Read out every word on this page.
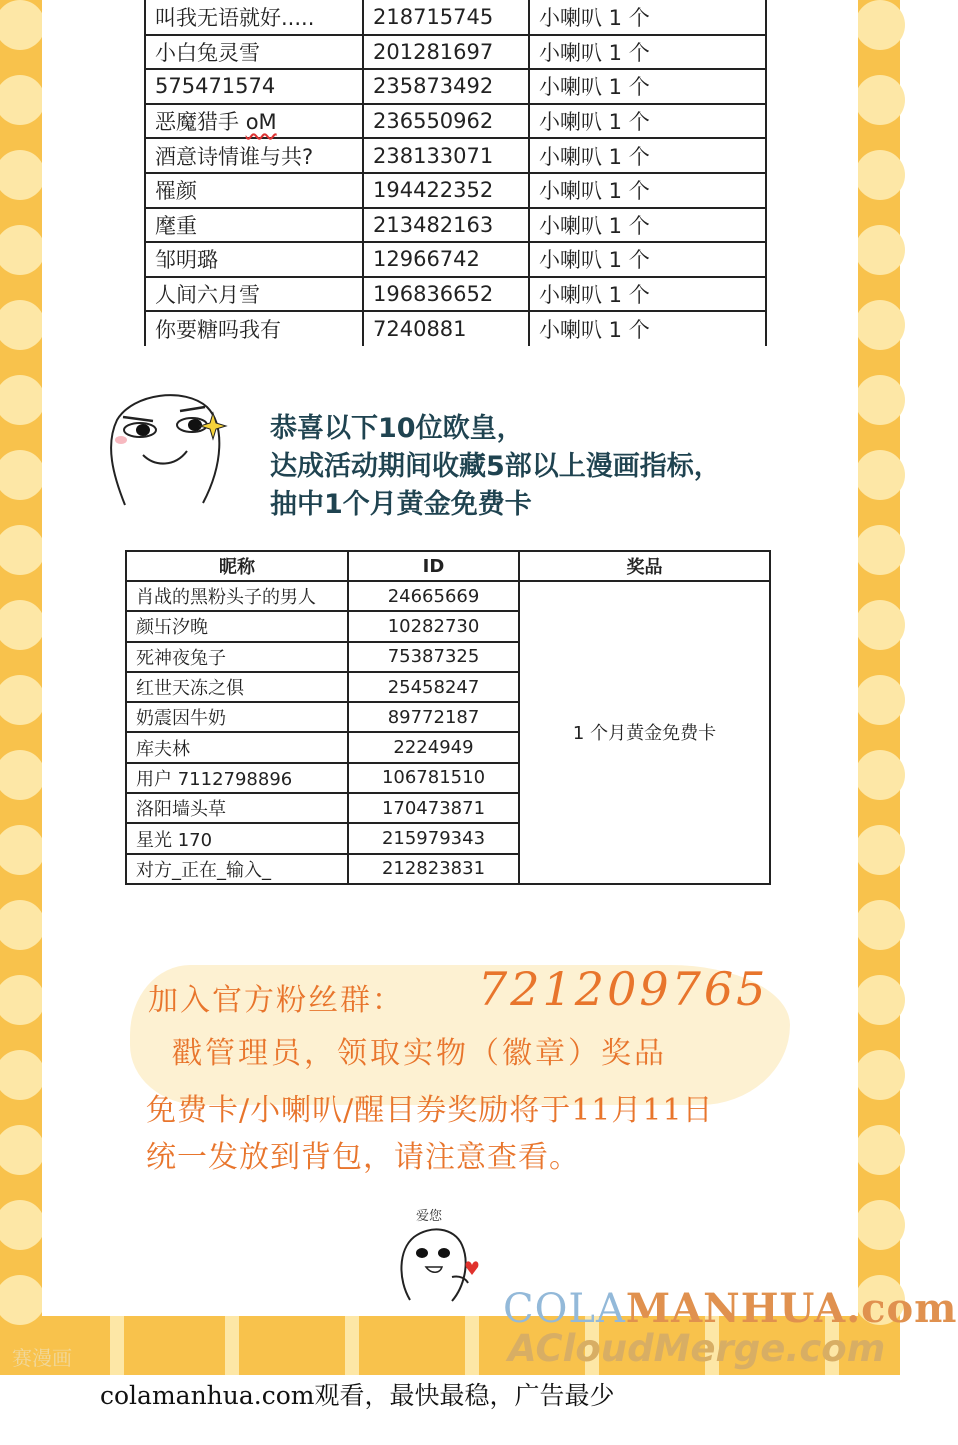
叫我无语就好.....	218715745	小喇叭 1 个
小白兔灵雪	201281697	小喇叭 1 个
575471574	235873492	小喇叭 1 个
恶魔猎手 oM	236550962	小喇叭 1 个
酒意诗情谁与共?	238133071	小喇叭 1 个
罹颜	194422352	小喇叭 1 个
麾重	213482163	小喇叭 1 个
邹明璐	12966742	小喇叭 1 个
人间六月雪	196836652	小喇叭 1 个
你要糖吗我有	7240881	小喇叭 1 个
恭喜以下10位欧皇，
达成活动期间收藏5部以上漫画指标，
抽中1个月黄金免费卡
昵称	ID	奖品
肖战的黑粉头子的男人	24665669	1 个月黄金免费卡
颜卐汐晚	10282730	
死神夜兔子	75387325	
红世天冻之俱	25458247	
奶震因牛奶	89772187	
库夫林	2224949	
用户 7112798896	106781510	
洛阳墙头草	170473871	
星光 170	215979343	
对方_正在_输入_	212823831	
加入官方粉丝群： 721209765
戳管理员，领取实物（徽章）奖品
免费卡/小喇叭/醒目券奖励将于11月11日
统一发放到背包，请注意查看。
爱您
赛漫画
COLAMANHUA.com
ACloudMerge.com
colamanhua.com观看，最快最稳，广告最少
